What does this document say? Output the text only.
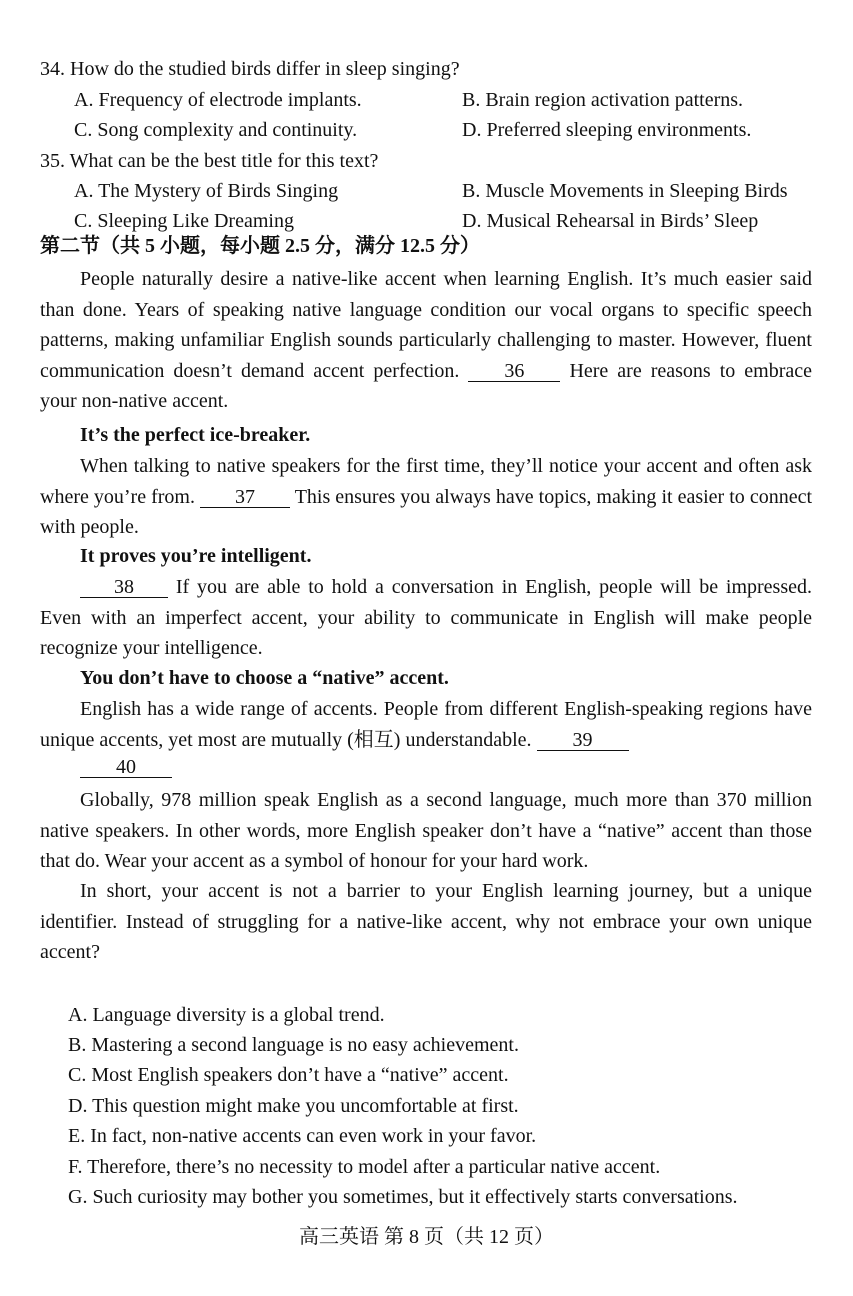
34. How do the studied birds differ in sleep singing?
A. Frequency of electrode implants.	B. Brain region activation patterns.
C. Song complexity and continuity.	D. Preferred sleeping environments.
35. What can be the best title for this text?
A. The Mystery of Birds Singing	B. Muscle Movements in Sleeping Birds
C. Sleeping Like Dreaming	D. Musical Rehearsal in Birds’ Sleep
第二节（共 5 小题，每小题 2.5 分，满分 12.5 分）
People naturally desire a native-like accent when learning English. It’s much easier said than done. Years of speaking native language condition our vocal organs to specific speech patterns, making unfamiliar English sounds particularly challenging to master. However, fluent communication doesn’t demand accent perfection. 36 Here are reasons to embrace your non-native accent.
It’s the perfect ice-breaker.
When talking to native speakers for the first time, they’ll notice your accent and often ask where you’re from. 37 This ensures you always have topics, making it easier to connect with people.
It proves you’re intelligent.
38 If you are able to hold a conversation in English, people will be impressed. Even with an imperfect accent, your ability to communicate in English will make people recognize your intelligence.
You don’t have to choose a “native” accent.
English has a wide range of accents. People from different English-speaking regions have unique accents, yet most are mutually (相互) understandable. 39
40
Globally, 978 million speak English as a second language, much more than 370 million native speakers. In other words, more English speaker don’t have a “native” accent than those that do. Wear your accent as a symbol of honour for your hard work.
In short, your accent is not a barrier to your English learning journey, but a unique identifier. Instead of struggling for a native-like accent, why not embrace your own unique accent?
A. Language diversity is a global trend.
B. Mastering a second language is no easy achievement.
C. Most English speakers don’t have a “native” accent.
D. This question might make you uncomfortable at first.
E. In fact, non-native accents can even work in your favor.
F. Therefore, there’s no necessity to model after a particular native accent.
G. Such curiosity may bother you sometimes, but it effectively starts conversations.
高三英语 第 8 页（共 12 页）
